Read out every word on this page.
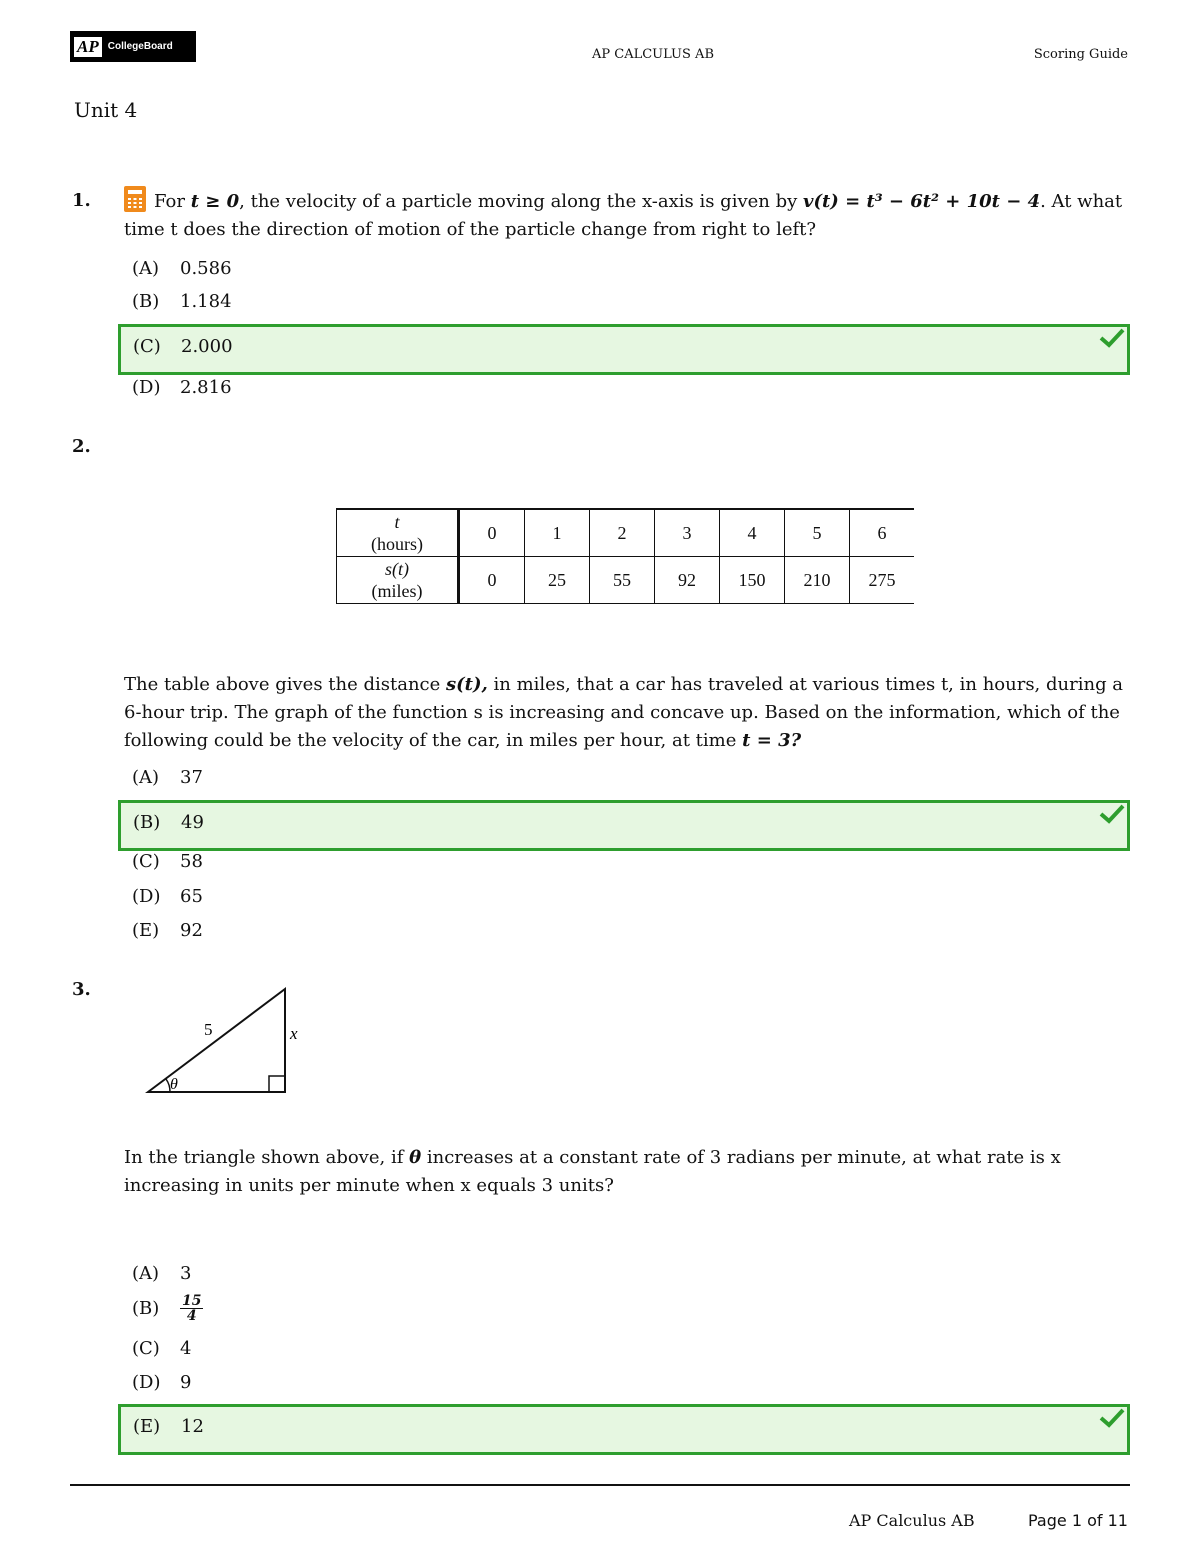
AP CollegeBoard
AP CALCULUS AB	Scoring Guide
Unit 4
1.	For t ≥ 0, the velocity of a particle moving along the x-axis is given by v(t) = t³ − 6t² + 10t − 4. At what time t does the direction of motion of the particle change from right to left?
(A) 0.586
(B) 1.184
(C) 2.000
(D) 2.816
2.
t
(hours)	0	1	2	3	4	5	6
s(t)
(miles)	0	25	55	92	150	210	275
The table above gives the distance s(t), in miles, that a car has traveled at various times t, in hours, during a 6-hour trip. The graph of the function s is increasing and concave up. Based on the information, which of the following could be the velocity of the car, in miles per hour, at time t = 3?
(A) 37
(B) 49
(C) 58
(D) 65
(E) 92
3.
5	x
θ
In the triangle shown above, if θ increases at a constant rate of 3 radians per minute, at what rate is x increasing in units per minute when x equals 3 units?
(A) 3
$(B) \frac{15}{4}$
(C) 4
(D) 9
(E) 12
AP Calculus AB	Page 1 of 11
